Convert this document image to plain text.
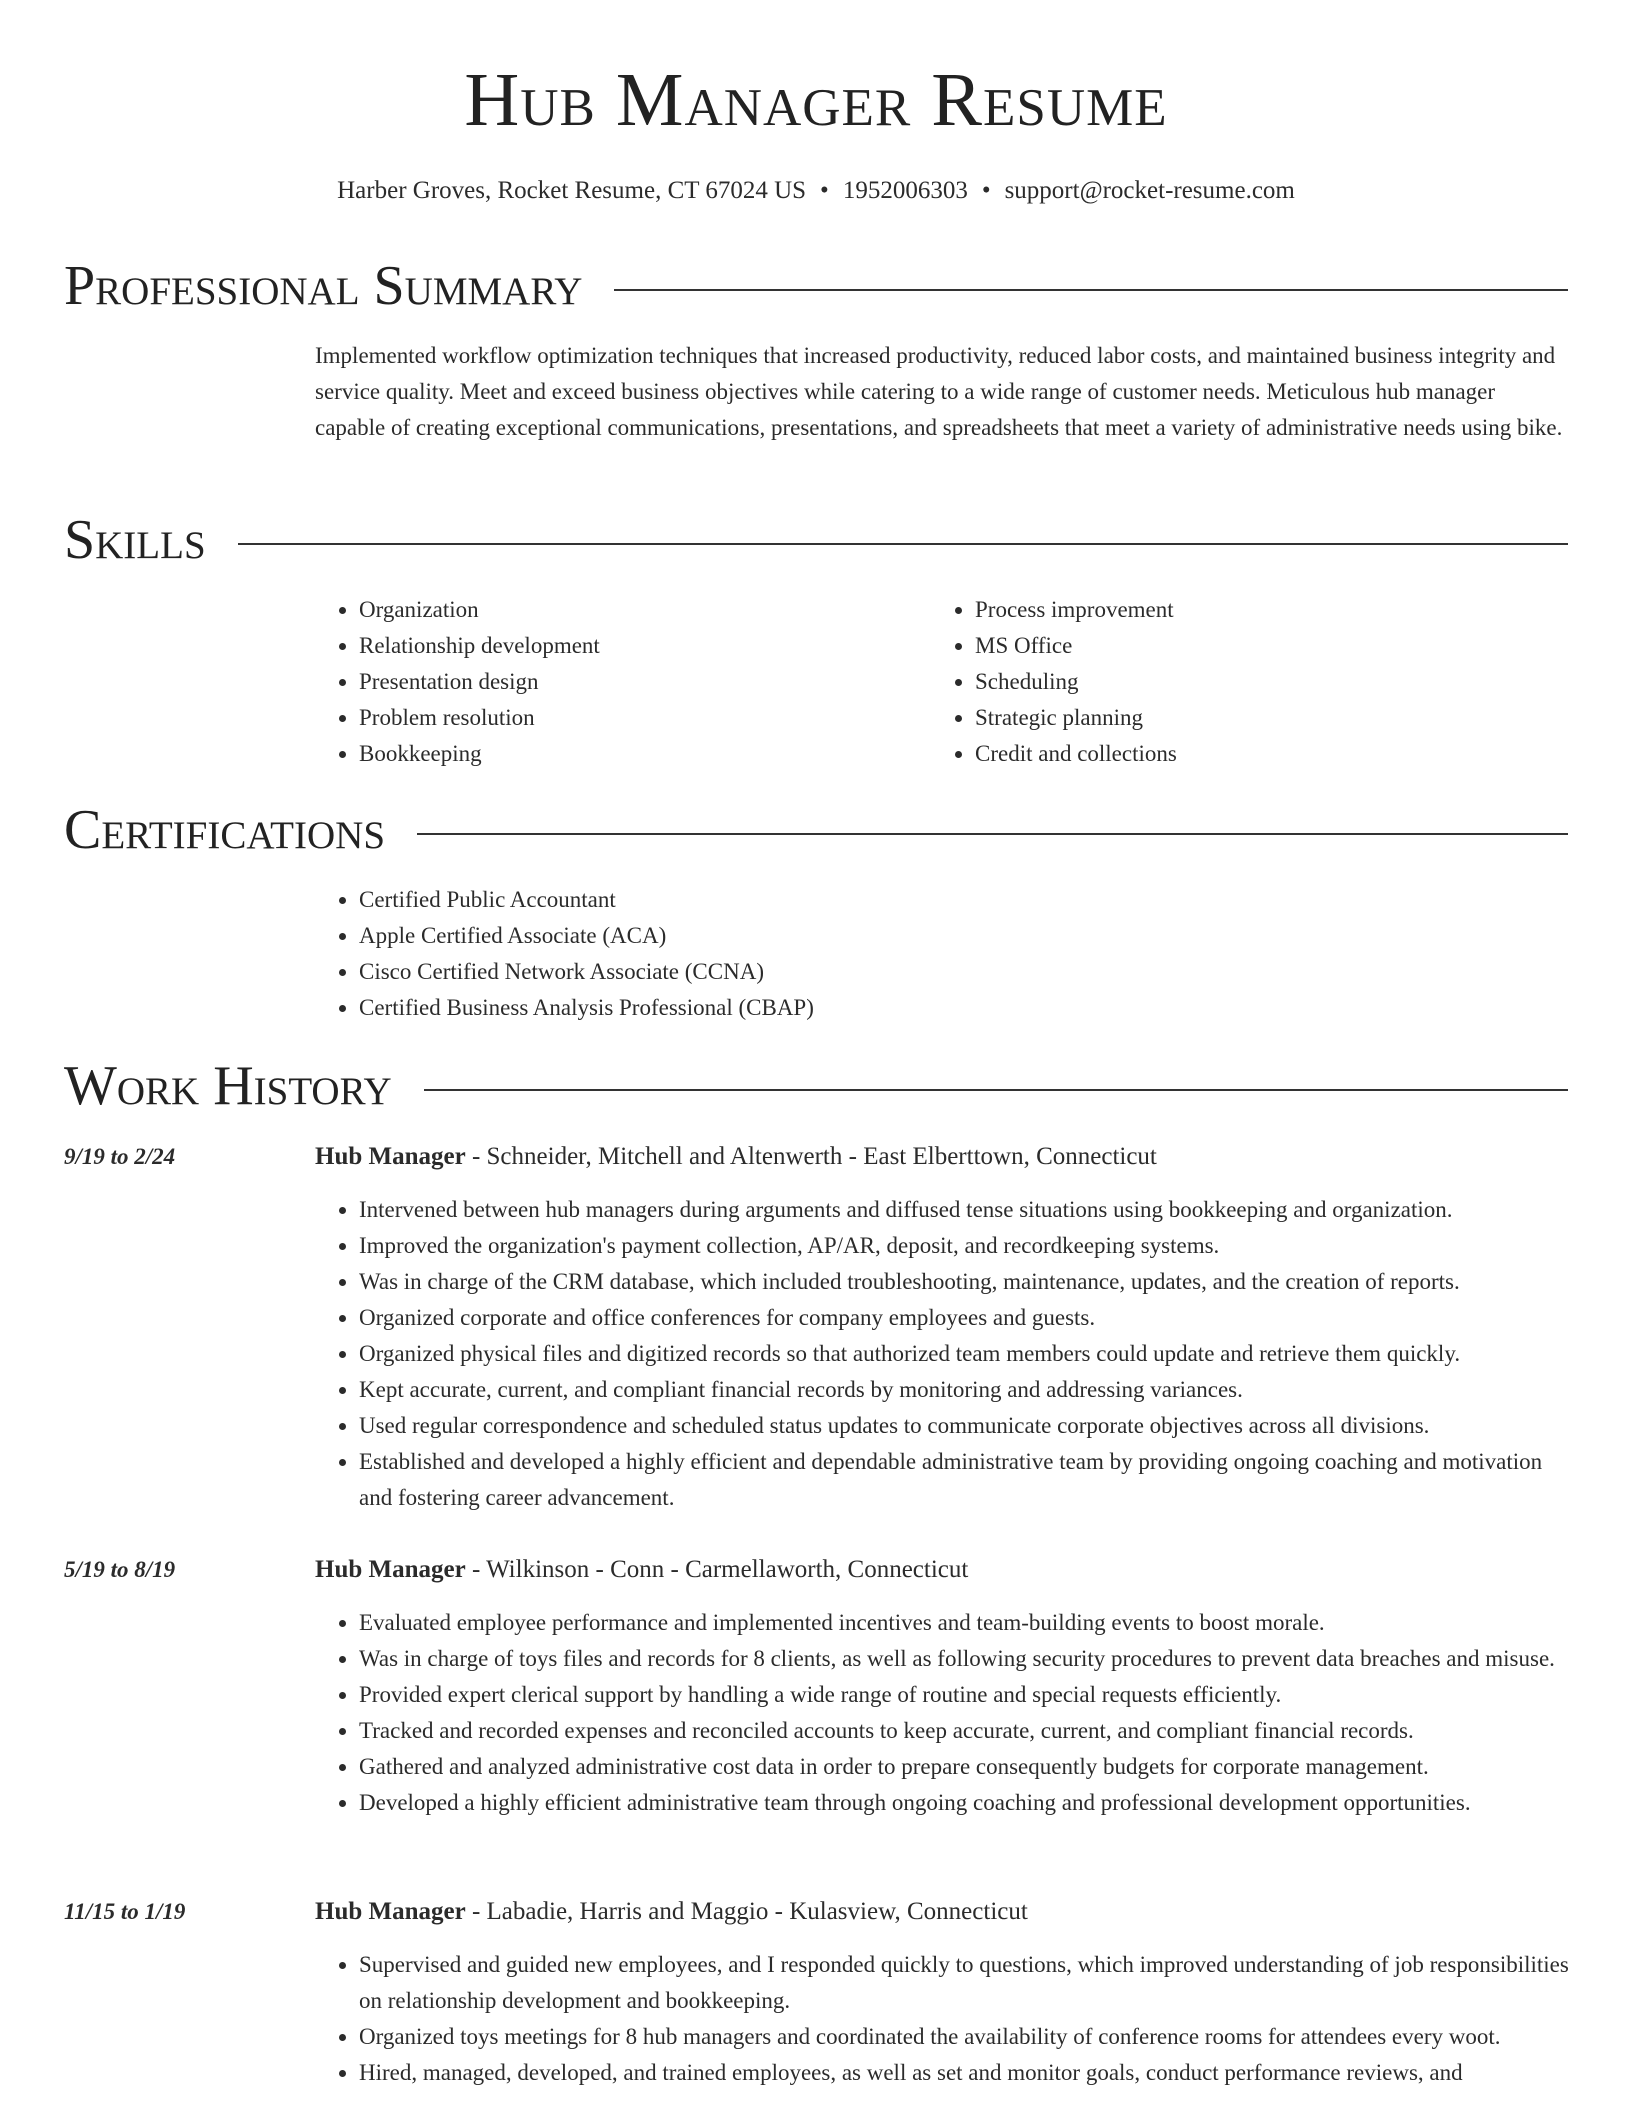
Hub Manager Resume
Harber Groves, Rocket Resume, CT 67024 US • 1952006303 • support@rocket-resume.com
Professional Summary

Implemented workflow optimization techniques that increased productivity, reduced labor costs, and maintained business integrity and service quality. Meet and exceed business objectives while catering to a wide range of customer needs. Meticulous hub manager capable of creating exceptional communications, presentations, and spreadsheets that meet a variety of administrative needs using bike.

Skills
• Organization
• Relationship development
• Presentation design
• Problem resolution
• Bookkeeping
• Process improvement
• MS Office
• Scheduling
• Strategic planning
• Credit and collections
Certifications
• Certified Public Accountant
• Apple Certified Associate (ACA)
• Cisco Certified Network Associate (CCNA)
• Certified Business Analysis Professional (CBAP)
Work History
9/19 to 2/24	Hub Manager - Schneider, Mitchell and Altenwerth - East Elberttown, Connecticut
• Intervened between hub managers during arguments and diffused tense situations using bookkeeping and organization.
• Improved the organization's payment collection, AP/AR, deposit, and recordkeeping systems.
• Was in charge of the CRM database, which included troubleshooting, maintenance, updates, and the creation of reports.
• Organized corporate and office conferences for company employees and guests.
• Organized physical files and digitized records so that authorized team members could update and retrieve them quickly.
• Kept accurate, current, and compliant financial records by monitoring and addressing variances.
• Used regular correspondence and scheduled status updates to communicate corporate objectives across all divisions.
• Established and developed a highly efficient and dependable administrative team by providing ongoing coaching and motivation and fostering career advancement.
5/19 to 8/19	Hub Manager - Wilkinson - Conn - Carmellaworth, Connecticut
• Evaluated employee performance and implemented incentives and team-building events to boost morale.
• Was in charge of toys files and records for 8 clients, as well as following security procedures to prevent data breaches and misuse.
• Provided expert clerical support by handling a wide range of routine and special requests efficiently.
• Tracked and recorded expenses and reconciled accounts to keep accurate, current, and compliant financial records.
• Gathered and analyzed administrative cost data in order to prepare consequently budgets for corporate management.
• Developed a highly efficient administrative team through ongoing coaching and professional development opportunities.
11/15 to 1/19	Hub Manager - Labadie, Harris and Maggio - Kulasview, Connecticut
• Supervised and guided new employees, and I responded quickly to questions, which improved understanding of job responsibilities on relationship development and bookkeeping.
• Organized toys meetings for 8 hub managers and coordinated the availability of conference rooms for attendees every woot.
• Hired, managed, developed, and trained employees, as well as set and monitor goals, conduct performance reviews, and
